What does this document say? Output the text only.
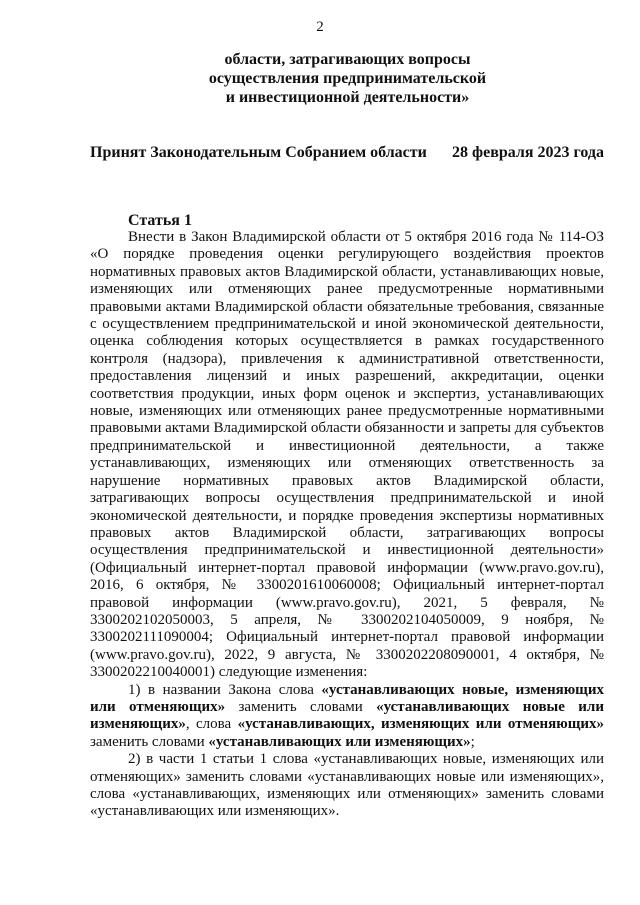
2
области, затрагивающих вопросы
осуществления предпринимательской
и инвестиционной деятельности»
Принят Законодательным Собранием области 28 февраля 2023 года
Статья 1

Внести в Закон Владимирской области от 5 октября 2016 года № 114-ОЗ «О порядке проведения оценки регулирующего воздействия проектов нормативных правовых актов Владимирской области, устанавливающих новые, изменяющих или отменяющих ранее предусмотренные нормативными правовыми актами Владимирской области обязательные требования, связанные с осуществлением предпринимательской и иной экономической деятельности, оценка соблюдения которых осуществляется в рамках государственного контроля (надзора), привлечения к административной ответственности, предоставления лицензий и иных разрешений, аккредитации, оценки соответствия продукции, иных форм оценок и экспертиз, устанавливающих новые, изменяющих или отменяющих ранее предусмотренные нормативными правовыми актами Владимирской области обязанности и запреты для субъектов предпринимательской и инвестиционной деятельности, а также устанавливающих, изменяющих или отменяющих ответственность за нарушение нормативных правовых актов Владимирской области, затрагивающих вопросы осуществления предпринимательской и иной экономической деятельности, и порядке проведения экспертизы нормативных правовых актов Владимирской области, затрагивающих вопросы осуществления предпринимательской и инвестиционной деятельности» (Официальный интернет-портал правовой информации (www.pravo.gov.ru), 2016, 6 октября, № 3300201610060008; Официальный интернет-портал правовой информации (www.pravo.gov.ru), 2021, 5 февраля, № 3300202102050003, 5 апреля, № 3300202104050009, 9 ноября, № 3300202111090004; Официальный интернет-портал правовой информации (www.pravo.gov.ru), 2022, 9 августа, № 3300202208090001, 4 октября, № 3300202210040001) следующие изменения:

1) в названии Закона слова «устанавливающих новые, изменяющих или отменяющих» заменить словами «устанавливающих новые или изменяющих», слова «устанавливающих, изменяющих или отменяющих» заменить словами «устанавливающих или изменяющих»;

2) в части 1 статьи 1 слова «устанавливающих новые, изменяющих или отменяющих» заменить словами «устанавливающих новые или изменяющих», слова «устанавливающих, изменяющих или отменяющих» заменить словами «устанавливающих или изменяющих».
